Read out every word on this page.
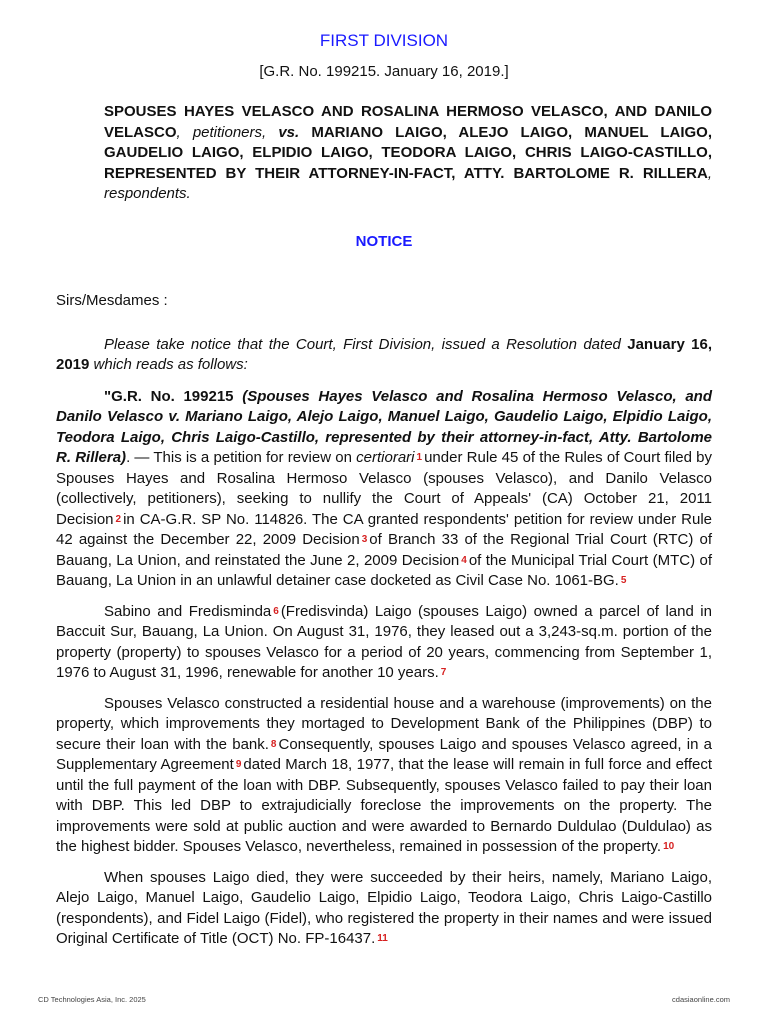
FIRST DIVISION

[G.R. No. 199215. January 16, 2019.]

SPOUSES HAYES VELASCO AND ROSALINA HERMOSO VELASCO, AND DANILO VELASCO, petitioners, vs. MARIANO LAIGO, ALEJO LAIGO, MANUEL LAIGO, GAUDELIO LAIGO, ELPIDIO LAIGO, TEODORA LAIGO, CHRIS LAIGO-CASTILLO, REPRESENTED BY THEIR ATTORNEY-IN-FACT, ATTY. BARTOLOME R. RILLERA, respondents.

NOTICE

Sirs/Mesdames :

Please take notice that the Court, First Division, issued a Resolution dated January 16, 2019 which reads as follows:

"G.R. No. 199215 (Spouses Hayes Velasco and Rosalina Hermoso Velasco, and Danilo Velasco v. Mariano Laigo, Alejo Laigo, Manuel Laigo, Gaudelio Laigo, Elpidio Laigo, Teodora Laigo, Chris Laigo-Castillo, represented by their attorney-in-fact, Atty. Bartolome R. Rillera). — This is a petition for review on certiorari 1 under Rule 45 of the Rules of Court filed by Spouses Hayes and Rosalina Hermoso Velasco (spouses Velasco), and Danilo Velasco (collectively, petitioners), seeking to nullify the Court of Appeals' (CA) October 21, 2011 Decision 2 in CA-G.R. SP No. 114826. The CA granted respondents' petition for review under Rule 42 against the December 22, 2009 Decision 3 of Branch 33 of the Regional Trial Court (RTC) of Bauang, La Union, and reinstated the June 2, 2009 Decision 4 of the Municipal Trial Court (MTC) of Bauang, La Union in an unlawful detainer case docketed as Civil Case No. 1061-BG. 5

Sabino and Fredisminda 6 (Fredisvinda) Laigo (spouses Laigo) owned a parcel of land in Baccuit Sur, Bauang, La Union. On August 31, 1976, they leased out a 3,243-sq.m. portion of the property (property) to spouses Velasco for a period of 20 years, commencing from September 1, 1976 to August 31, 1996, renewable for another 10 years. 7

Spouses Velasco constructed a residential house and a warehouse (improvements) on the property, which improvements they mortaged to Development Bank of the Philippines (DBP) to secure their loan with the bank. 8 Consequently, spouses Laigo and spouses Velasco agreed, in a Supplementary Agreement 9 dated March 18, 1977, that the lease will remain in full force and effect until the full payment of the loan with DBP. Subsequently, spouses Velasco failed to pay their loan with DBP. This led DBP to extrajudicially foreclose the improvements on the property. The improvements were sold at public auction and were awarded to Bernardo Duldulao (Duldulao) as the highest bidder. Spouses Velasco, nevertheless, remained in possession of the property. 10

When spouses Laigo died, they were succeeded by their heirs, namely, Mariano Laigo, Alejo Laigo, Manuel Laigo, Gaudelio Laigo, Elpidio Laigo, Teodora Laigo, Chris Laigo-Castillo (respondents), and Fidel Laigo (Fidel), who registered the property in their names and were issued Original Certificate of Title (OCT) No. FP-16437. 11

CD Technologies Asia, Inc. 2025	cdasiaonline.com
